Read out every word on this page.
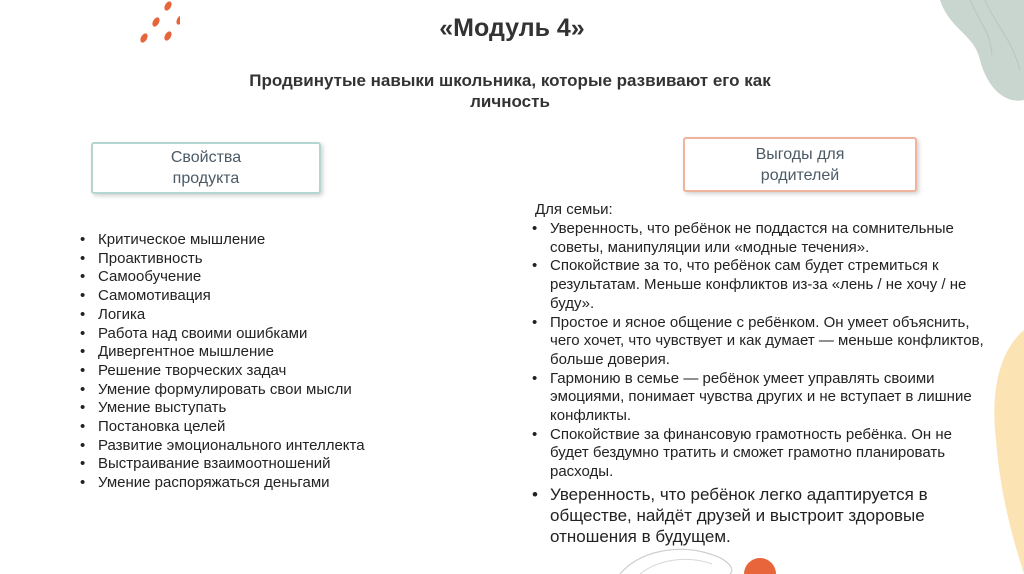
«Модуль 4»
Продвинутые навыки школьника, которые развивают его как личность
Свойства продукта
Выгоды для родителей
• Критическое мышление
• Проактивность
• Самообучение
• Самомотивация
• Логика
• Работа над своими ошибками
• Дивергентное мышление
• Решение творческих задач
• Умение формулировать свои мысли
• Умение выступать
• Постановка целей
• Развитие эмоционального интеллекта
• Выстраивание взаимоотношений
• Умение распоряжаться деньгами
Для семьи:
• Уверенность, что ребёнок не поддастся на сомнительные советы, манипуляции или «модные течения».
• Спокойствие за то, что ребёнок сам будет стремиться к результатам. Меньше конфликтов из-за «лень / не хочу / не буду».
• Простое и ясное общение с ребёнком. Он умеет объяснить, чего хочет, что чувствует и как думает — меньше конфликтов, больше доверия.
• Гармонию в семье — ребёнок умеет управлять своими эмоциями, понимает чувства других и не вступает в лишние конфликты.
• Спокойствие за финансовую грамотность ребёнка. Он не будет бездумно тратить и сможет грамотно планировать расходы.
• Уверенность, что ребёнок легко адаптируется в обществе, найдёт друзей и выстроит здоровые отношения в будущем.
